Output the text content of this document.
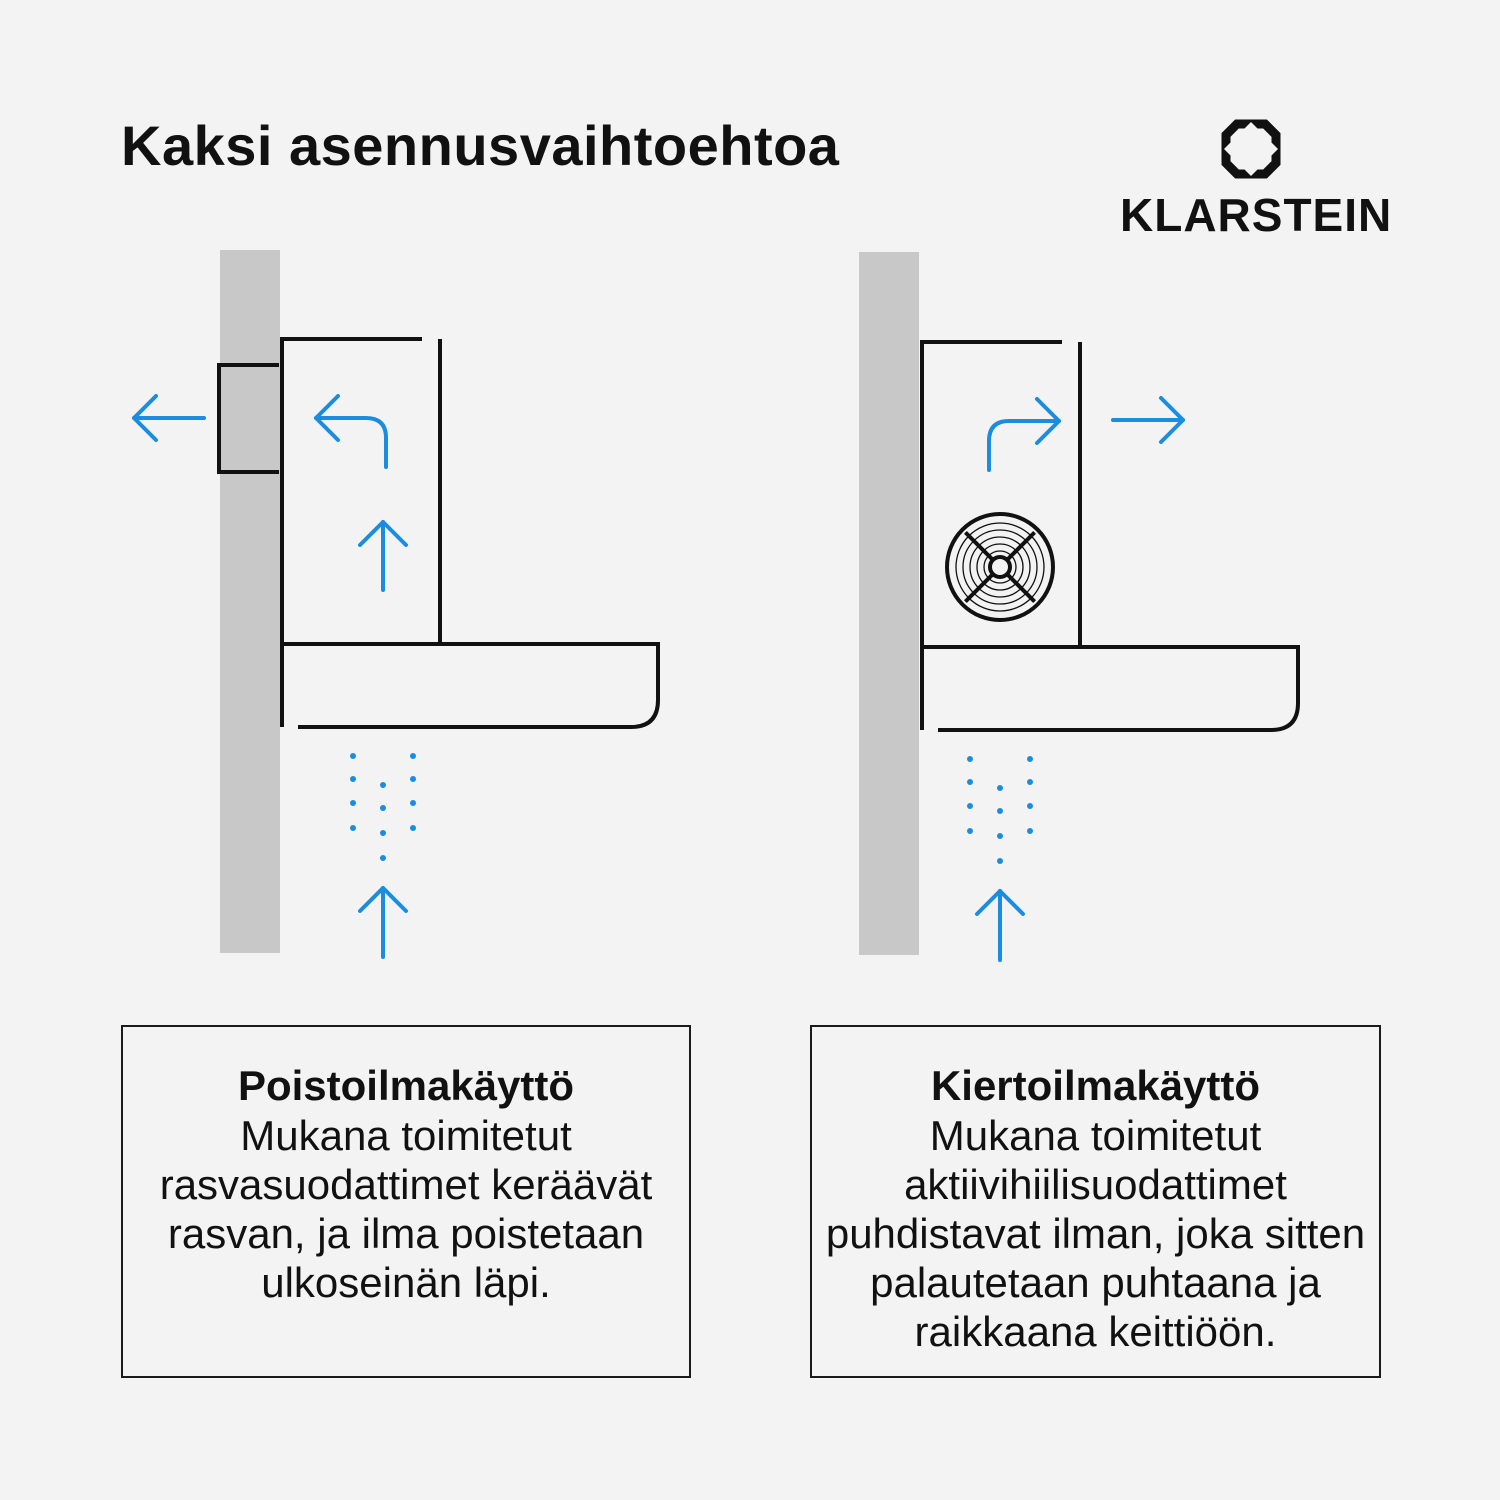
Kaksi asennusvaihtoehtoa
KLARSTEIN
Poistoilmakäyttö
Mukana toimitetut rasvasuodattimet keräävät rasvan, ja ilma poistetaan ulkoseinän läpi.
Kiertoilmakäyttö
Mukana toimitetut aktiivihiilisuodattimet puhdistavat ilman, joka sitten palautetaan puhtaana ja raikkaana keittiöön.
